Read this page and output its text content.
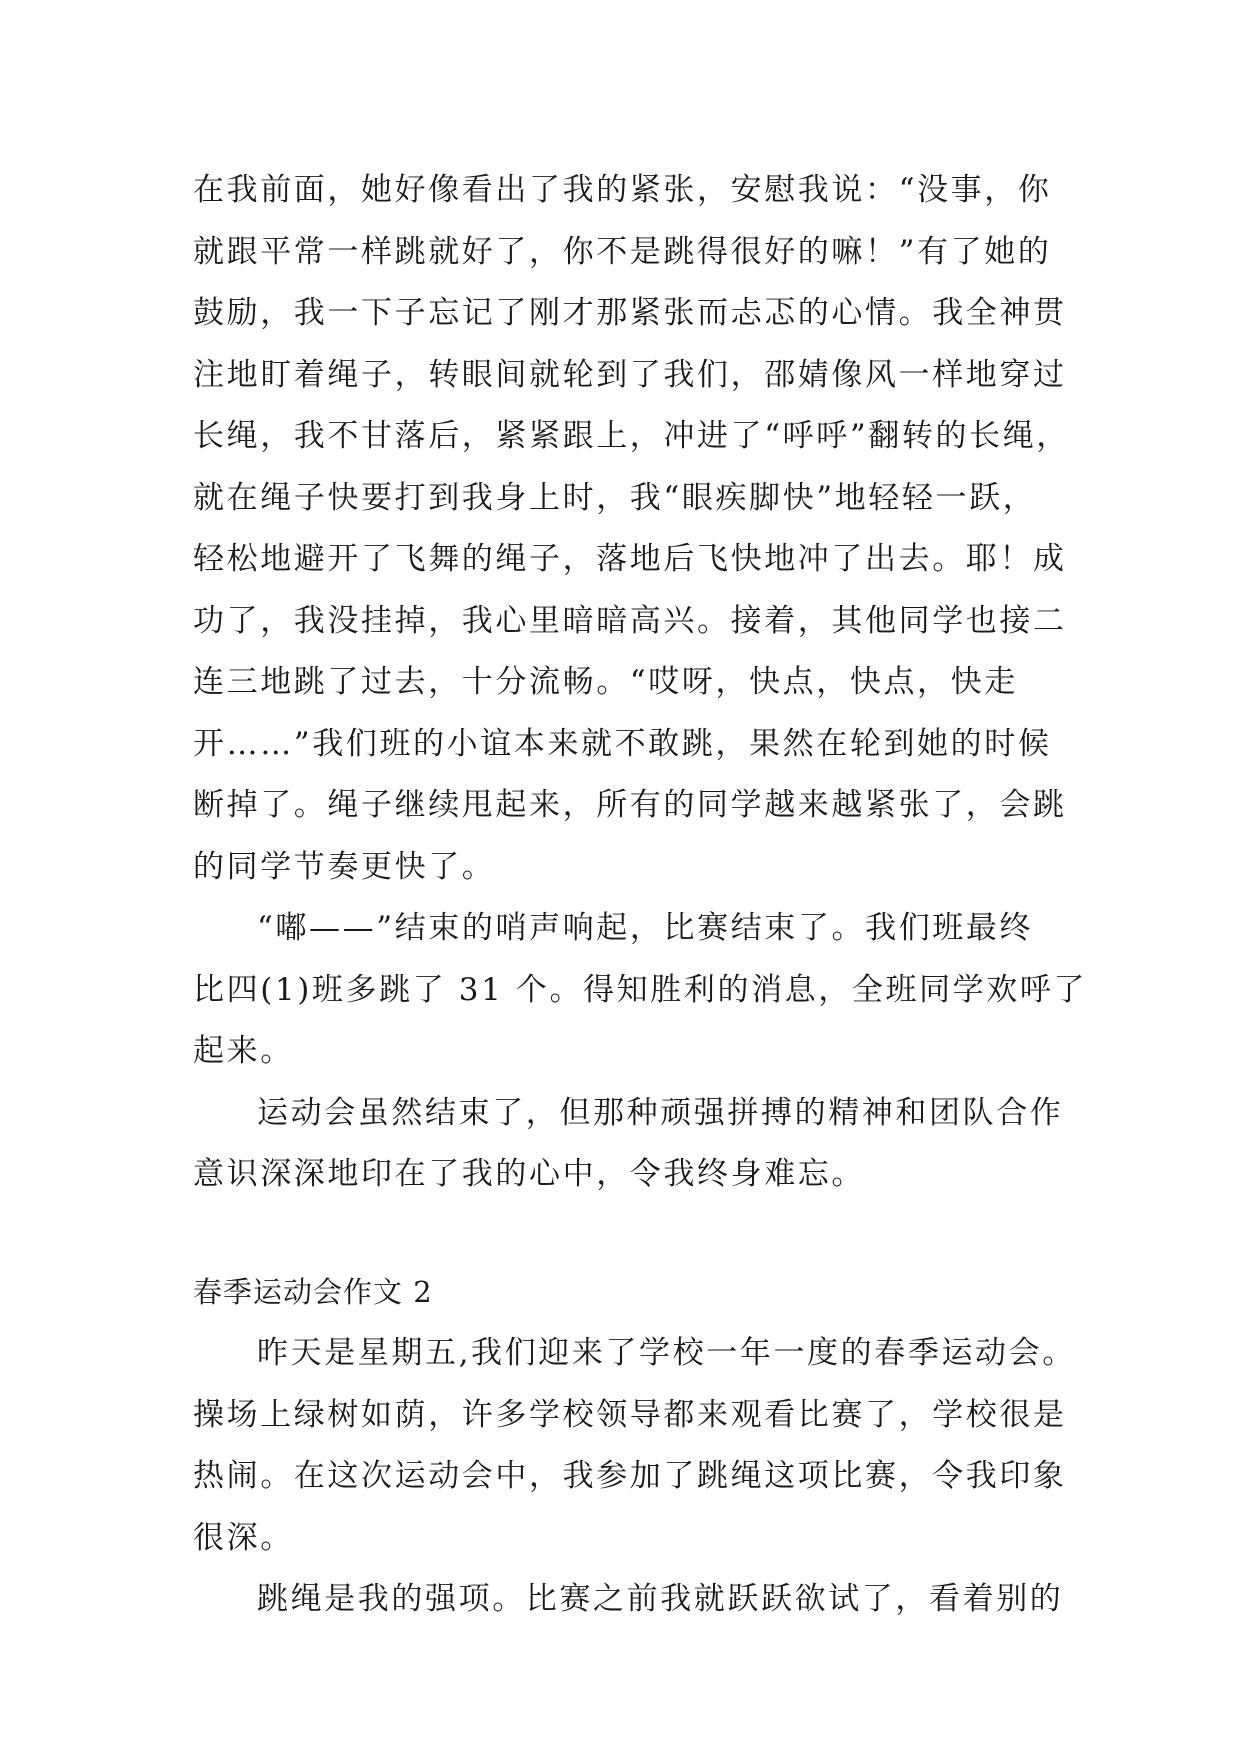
在我前面，她好像看出了我的紧张，安慰我说：“没事，你
就跟平常一样跳就好了，你不是跳得很好的嘛！”有了她的
鼓励，我一下子忘记了刚才那紧张而忐忑的心情。我全神贯
注地盯着绳子，转眼间就轮到了我们，邵婧像风一样地穿过
长绳，我不甘落后，紧紧跟上，冲进了“呼呼”翻转的长绳，
就在绳子快要打到我身上时，我“眼疾脚快”地轻轻一跃，
轻松地避开了飞舞的绳子，落地后飞快地冲了出去。耶！成
功了，我没挂掉，我心里暗暗高兴。接着，其他同学也接二
连三地跳了过去，十分流畅。“哎呀，快点，快点，快走
开……”我们班的小谊本来就不敢跳，果然在轮到她的时候
断掉了。绳子继续甩起来，所有的同学越来越紧张了，会跳
的同学节奏更快了。
“嘟——”结束的哨声响起，比赛结束了。我们班最终
比四(1)班多跳了 31 个。得知胜利的消息，全班同学欢呼了
起来。
运动会虽然结束了，但那种顽强拼搏的精神和团队合作
意识深深地印在了我的心中，令我终身难忘。
春季运动会作文 2
昨天是星期五,我们迎来了学校一年一度的春季运动会。
操场上绿树如荫，许多学校领导都来观看比赛了，学校很是
热闹。在这次运动会中，我参加了跳绳这项比赛，令我印象
很深。
跳绳是我的强项。比赛之前我就跃跃欲试了，看着别的
